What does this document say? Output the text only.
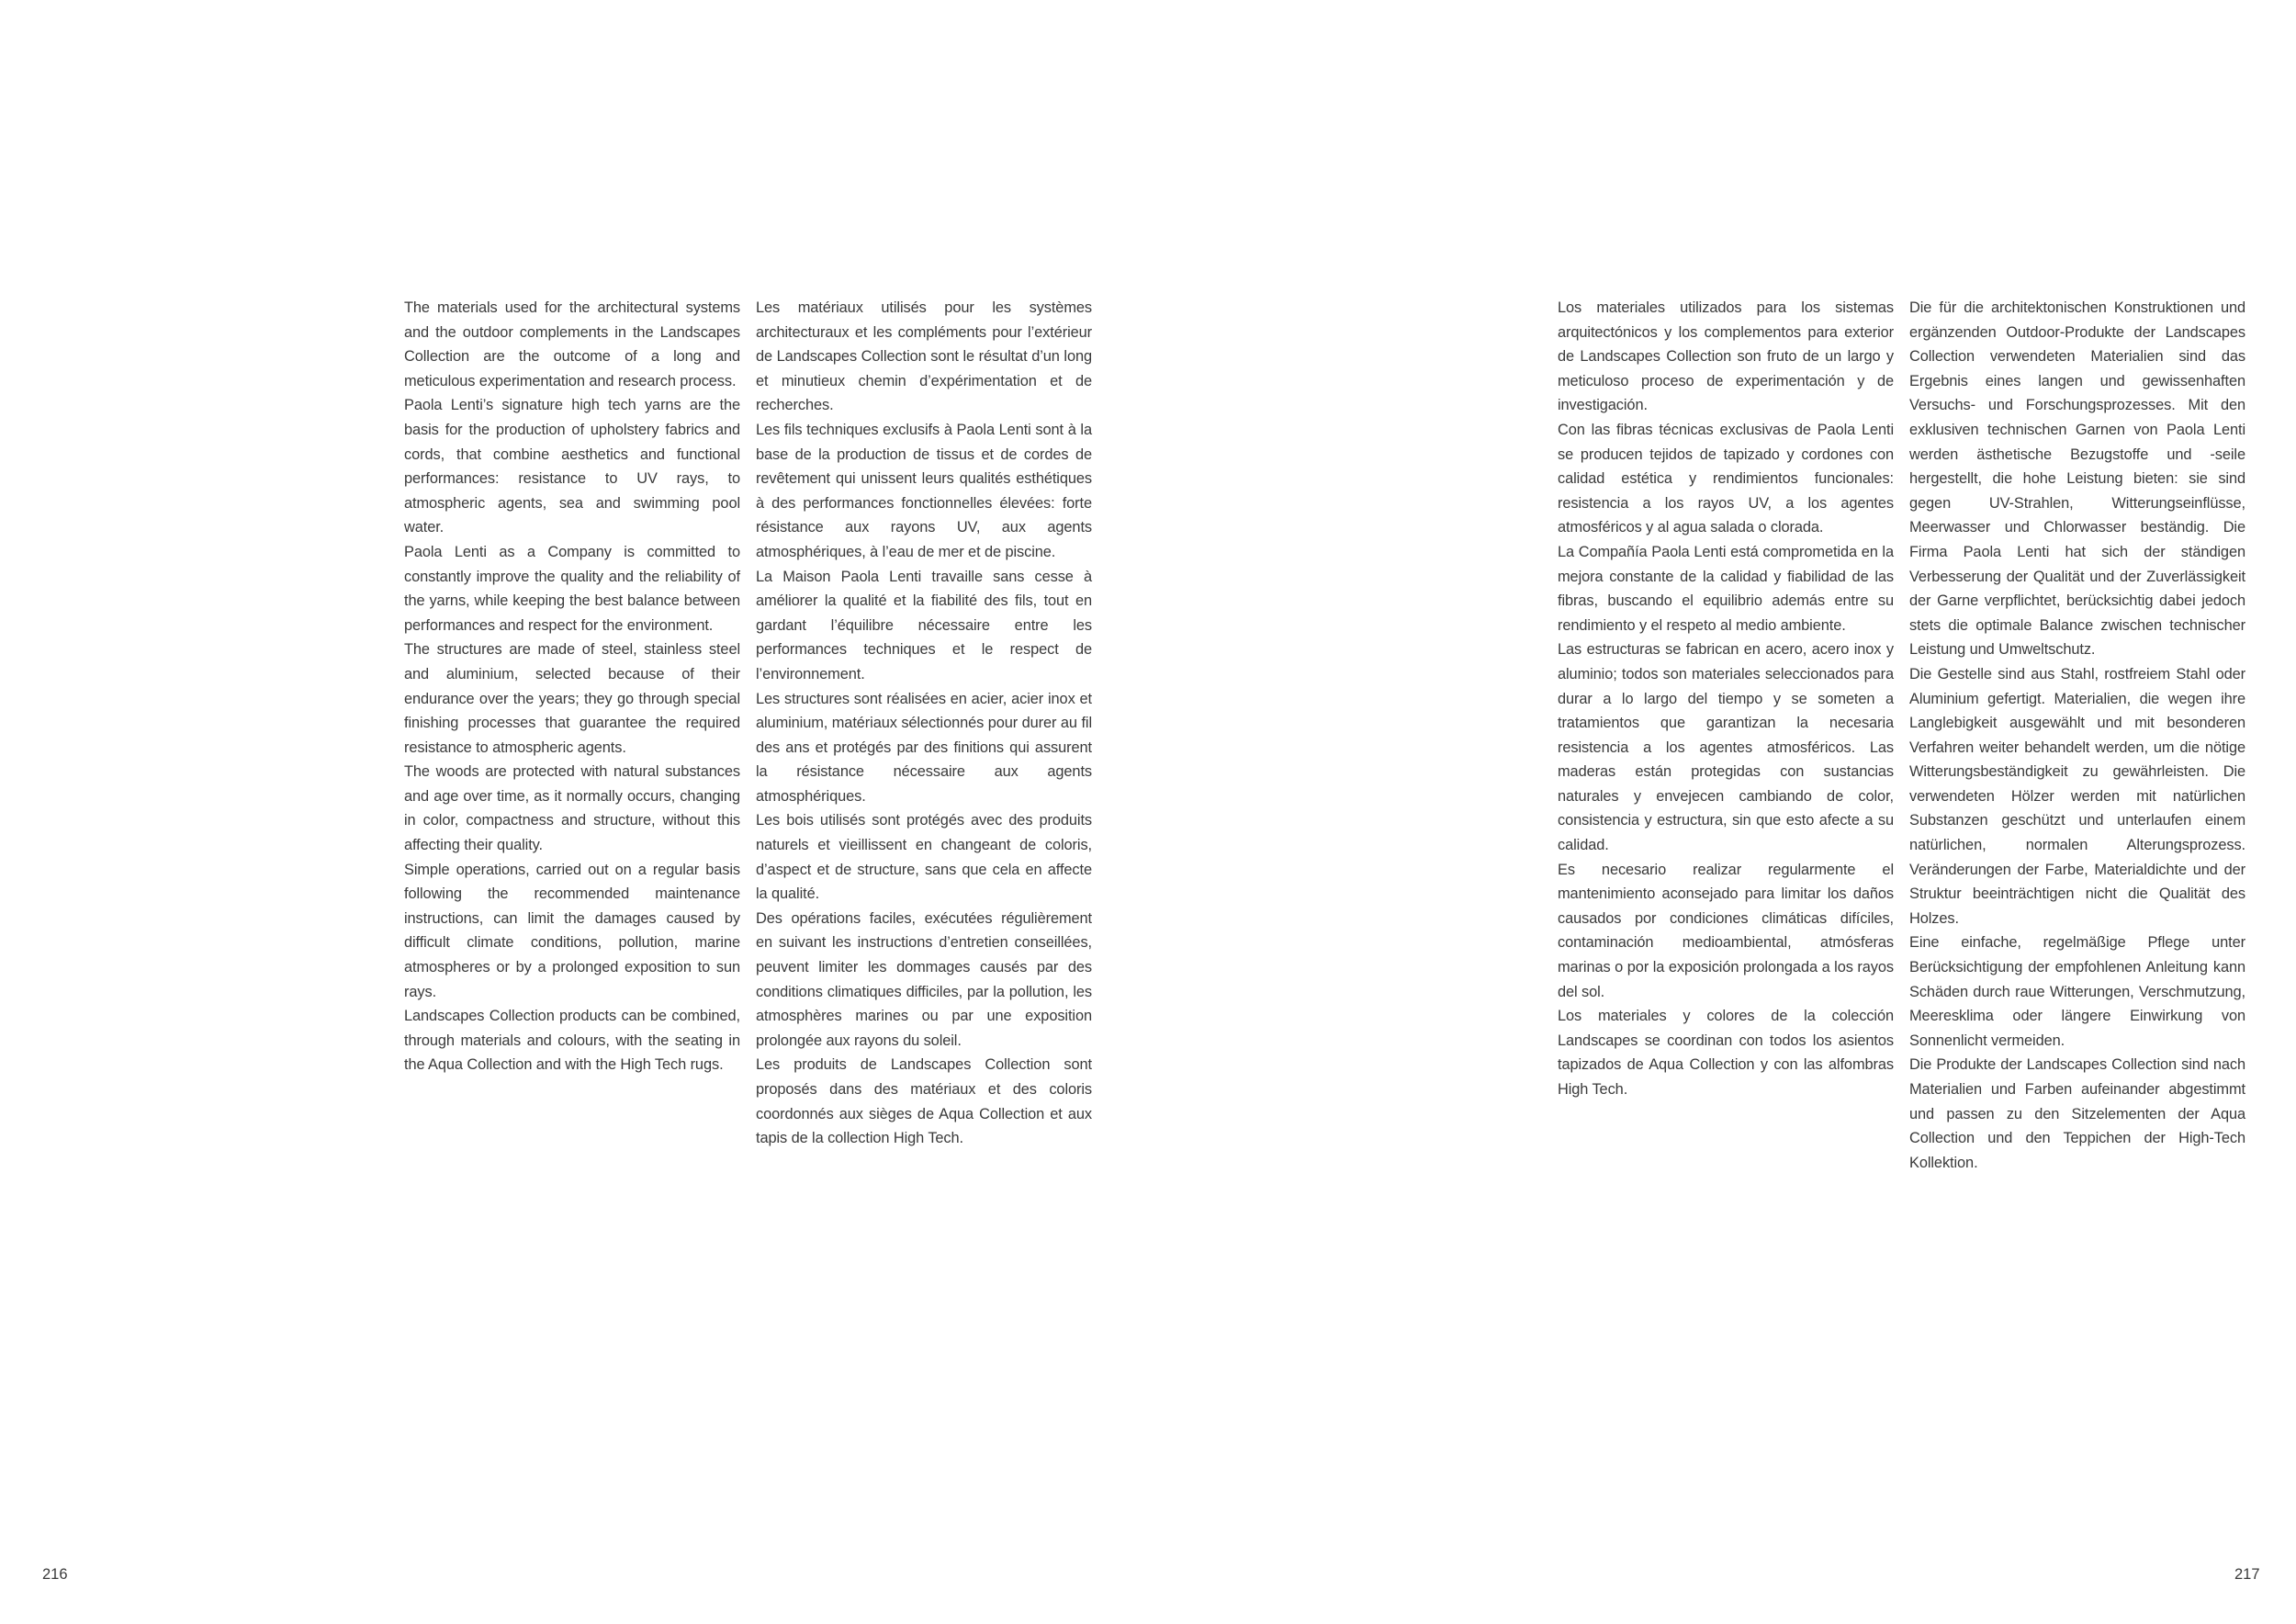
The materials used for the architectural systems and the outdoor complements in the Landscapes Collection are the outcome of a long and meticulous experimentation and research process.

Paola Lenti’s signature high tech yarns are the basis for the production of upholstery fabrics and cords, that combine aesthetics and functional performances: resistance to UV rays, to atmospheric agents, sea and swimming pool water.

Paola Lenti as a Company is committed to constantly improve the quality and the reliability of the yarns, while keeping the best balance between performances and respect for the environment.

The structures are made of steel, stainless steel and aluminium, selected because of their endurance over the years; they go through special finishing processes that guarantee the required resistance to atmospheric agents.

The woods are protected with natural substances and age over time, as it normally occurs, changing in color, compactness and structure, without this affecting their quality.

Simple operations, carried out on a regular basis following the recommended maintenance instructions, can limit the damages caused by difficult climate conditions, pollution, marine atmospheres or by a prolonged exposition to sun rays.

Landscapes Collection products can be combined, through materials and colours, with the seating in the Aqua Collection and with the High Tech rugs.

Les matériaux utilisés pour les systèmes architecturaux et les compléments pour l’extérieur de Landscapes Collection sont le résultat d’un long et minutieux chemin d’expérimentation et de recherches.

Les fils techniques exclusifs à Paola Lenti sont à la base de la production de tissus et de cordes de revêtement qui unissent leurs qualités esthétiques à des performances fonctionnelles élevées: forte résistance aux rayons UV, aux agents atmosphériques, à l’eau de mer et de piscine.

La Maison Paola Lenti travaille sans cesse à améliorer la qualité et la fiabilité des fils, tout en gardant l’équilibre nécessaire entre les performances techniques et le respect de l’environnement.

Les structures sont réalisées en acier, acier inox et aluminium, matériaux sélectionnés pour durer au fil des ans et protégés par des finitions qui assurent la résistance nécessaire aux agents atmosphériques.

Les bois utilisés sont protégés avec des produits naturels et vieillissent en changeant de coloris, d’aspect et de structure, sans que cela en affecte la qualité.

Des opérations faciles, exécutées régulièrement en suivant les instructions d’entretien conseillées, peuvent limiter les dommages causés par des conditions climatiques difficiles, par la pollution, les atmosphères marines ou par une exposition prolongée aux rayons du soleil.

Les produits de Landscapes Collection sont proposés dans des matériaux et des coloris coordonnés aux sièges de Aqua Collection et aux tapis de la collection High Tech.

Los materiales utilizados para los sistemas arquitectónicos y los complementos para exterior de Landscapes Collection son fruto de un largo y meticuloso proceso de experimentación y de investigación.

Con las fibras técnicas exclusivas de Paola Lenti se producen tejidos de tapizado y cordones con calidad estética y rendimientos funcionales: resistencia a los rayos UV, a los agentes atmosféricos y al agua salada o clorada.

La Compañía Paola Lenti está comprometida en la mejora constante de la calidad y fiabilidad de las fibras, buscando el equilibrio además entre su rendimiento y el respeto al medio ambiente.

Las estructuras se fabrican en acero, acero inox y aluminio; todos son materiales seleccionados para durar a lo largo del tiempo y se someten a tratamientos que garantizan la necesaria resistencia a los agentes atmosféricos. Las maderas están protegidas con sustancias naturales y envejecen cambiando de color, consistencia y estructura, sin que esto afecte a su calidad.

Es necesario realizar regularmente el mantenimiento aconsejado para limitar los daños causados por condiciones climáticas difíciles, contaminación medioambiental, atmósferas marinas o por la exposición prolongada a los rayos del sol.

Los materiales y colores de la colección Landscapes se coordinan con todos los asientos tapizados de Aqua Collection y con las alfombras High Tech.

Die für die architektonischen Konstruktionen und ergänzenden Outdoor-Produkte der Landscapes Collection verwendeten Materialien sind das Ergebnis eines langen und gewissenhaften Versuchs- und Forschungsprozesses. Mit den exklusiven technischen Garnen von Paola Lenti werden ästhetische Bezugstoffe und -seile hergestellt, die hohe Leistung bieten: sie sind gegen UV-Strahlen, Witterungseinflüsse, Meerwasser und Chlorwasser beständig. Die Firma Paola Lenti hat sich der ständigen Verbesserung der Qualität und der Zuverlässigkeit der Garne verpflichtet, berücksichtig dabei jedoch stets die optimale Balance zwischen technischer Leistung und Umweltschutz.

Die Gestelle sind aus Stahl, rostfreiem Stahl oder Aluminium gefertigt. Materialien, die wegen ihre Langlebigkeit ausgewählt und mit besonderen Verfahren weiter behandelt werden, um die nötige Witterungsbeständigkeit zu gewährleisten. Die verwendeten Hölzer werden mit natürlichen Substanzen geschützt und unterlaufen einem natürlichen, normalen Alterungsprozess. Veränderungen der Farbe, Materialdichte und der Struktur beeinträchtigen nicht die Qualität des Holzes.

Eine einfache, regelmäßige Pflege unter Berücksichtigung der empfohlenen Anleitung kann Schäden durch raue Witterungen, Verschmutzung, Meeresklima oder längere Einwirkung von Sonnenlicht vermeiden.

Die Produkte der Landscapes Collection sind nach Materialien und Farben aufeinander abgestimmt und passen zu den Sitzelementen der Aqua Collection und den Teppichen der High-Tech Kollektion.

216	217
